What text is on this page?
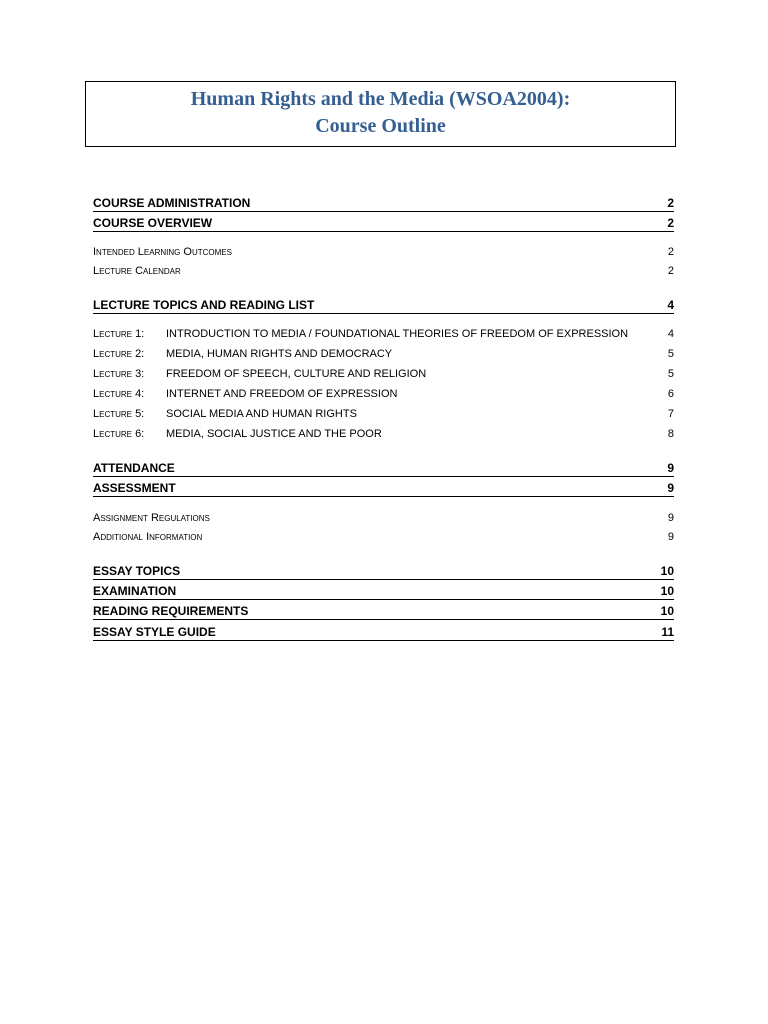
Human Rights and the Media (WSOA2004):
Course Outline
COURSE ADMINISTRATION	2
COURSE OVERVIEW	2
Intended Learning Outcomes	2
Lecture Calendar	2
LECTURE TOPICS AND READING LIST	4
Lecture 1: INTRODUCTION TO MEDIA / FOUNDATIONAL THEORIES OF FREEDOM OF EXPRESSION	4
Lecture 2: MEDIA, HUMAN RIGHTS AND DEMOCRACY	5
Lecture 3: FREEDOM OF SPEECH, CULTURE AND RELIGION	5
Lecture 4: INTERNET AND FREEDOM OF EXPRESSION	6
Lecture 5: SOCIAL MEDIA AND HUMAN RIGHTS	7
Lecture 6: MEDIA, SOCIAL JUSTICE AND THE POOR	8
ATTENDANCE	9
ASSESSMENT	9
Assignment Regulations	9
Additional Information	9
ESSAY TOPICS	10
EXAMINATION	10
READING REQUIREMENTS	10
ESSAY STYLE GUIDE	11
